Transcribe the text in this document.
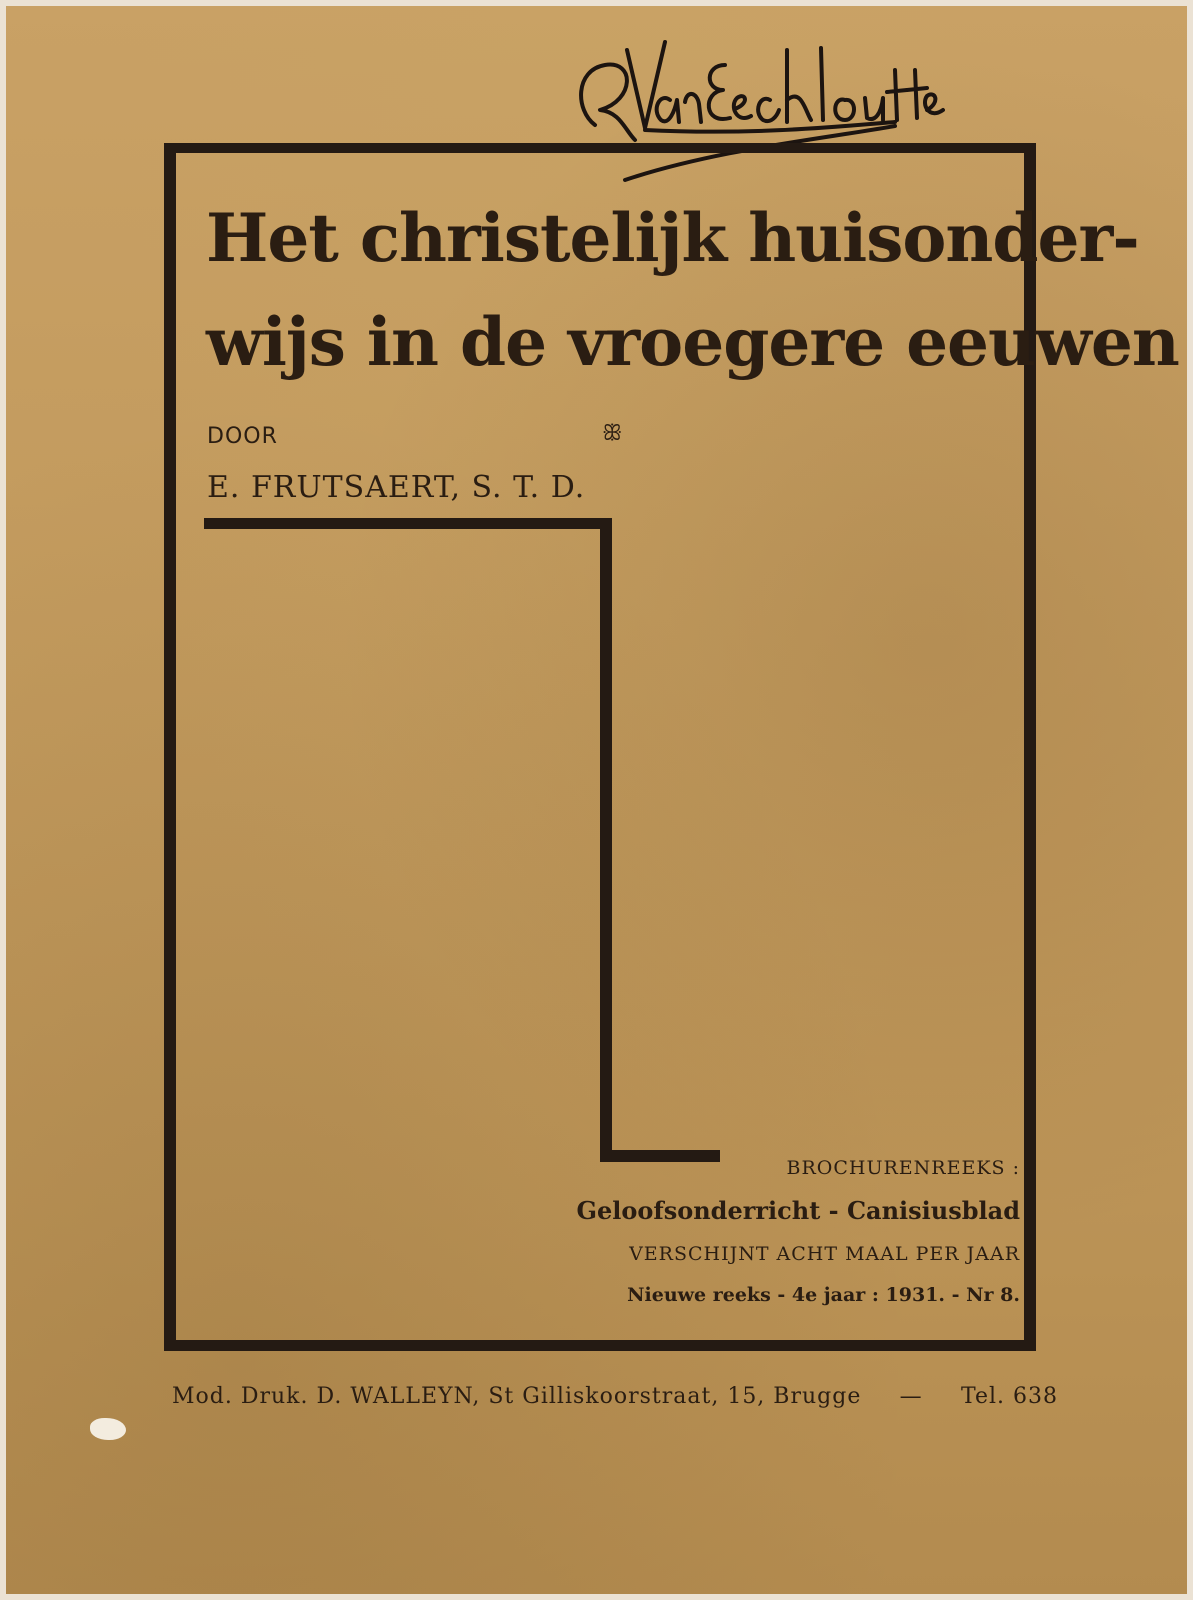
Het christelijk huisonder-
wijs in de vroegere eeuwen
DOOR	ꕥ
E. FRUTSAERT, S. T. D.
BROCHURENREEKS :
Geloofsonderricht - Canisiusblad
VERSCHIJNT ACHT MAAL PER JAAR
Nieuwe reeks - 4e jaar : 1931. - Nr 8.
Mod. Druk. D. WALLEYN, St Gilliskoorstraat, 15, Brugge — Tel. 638
